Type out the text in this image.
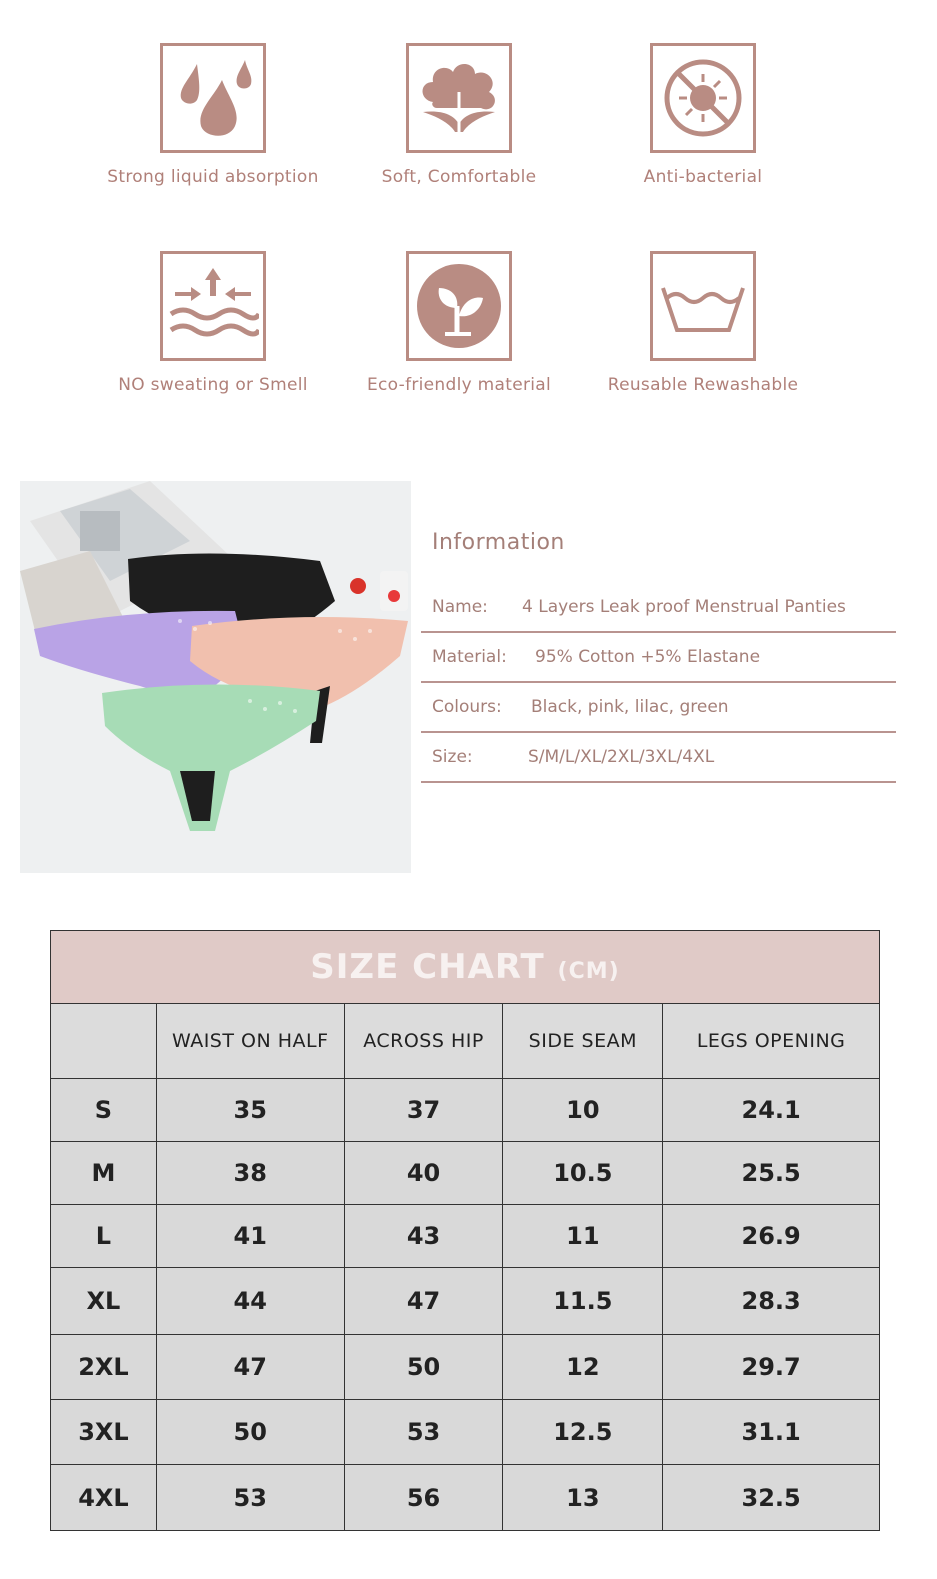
Strong liquid absorption	Soft, Comfortable	Anti-bacterial
NO sweating or Smell	Eco-friendly material	Reusable Rewashable
Information
Name:	4 Layers Leak proof Menstrual Panties
Material:	95% Cotton +5% Elastane
Colours:	Black, pink, lilac, green
Size:	S/M/L/XL/2XL/3XL/4XL
SIZE CHART (CM)				
	WAIST ON HALF	ACROSS HIP	SIDE SEAM	LEGS OPENING
S	35	37	10	24.1
M	38	40	10.5	25.5
L	41	43	11	26.9
XL	44	47	11.5	28.3
2XL	47	50	12	29.7
3XL	50	53	12.5	31.1
4XL	53	56	13	32.5
